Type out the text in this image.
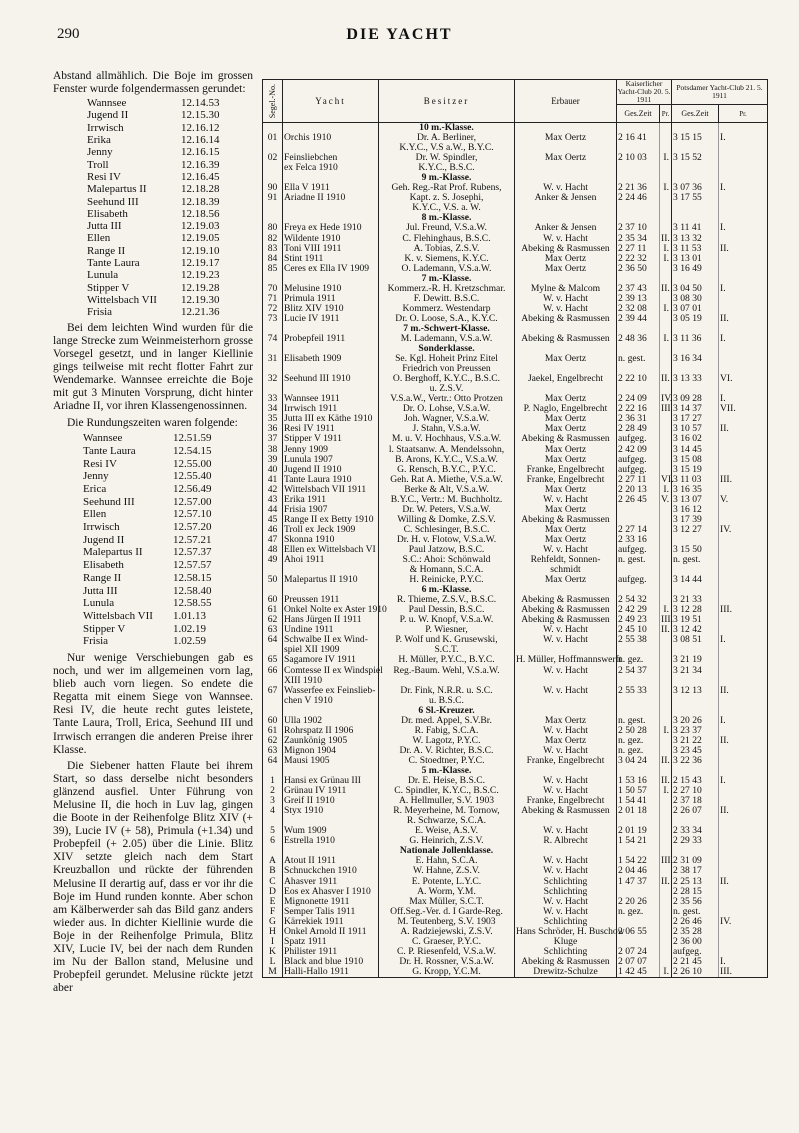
290	DIE YACHT

Abstand allmählich. Die Boje im grossen Fenster wurde folgendermassen gerundet:

Wannsee	12.14.53
Jugend II	12.15.30
Irrwisch	12.16.12
Erika	12.16.14
Jenny	12.16.15
Troll	12.16.39
Resi IV	12.16.45
Malepartus II	12.18.28
Seehund III	12.18.39
Elisabeth	12.18.56
Jutta III	12.19.03
Ellen	12.19.05
Range II	12.19.10
Tante Laura	12.19.17
Lunula	12.19.23
Stipper V	12.19.28
Wittelsbach VII	12.19.30
Frisia	12.21.36

Bei dem leichten Wind wurden für die lange Strecke zum Weinmeisterhorn grosse Vorsegel gesetzt, und in langer Kiellinie gings teilweise mit recht flotter Fahrt zur Wendemarke. Wannsee erreichte die Boje mit gut 3 Minuten Vorsprung, dicht hinter Ariadne II, vor ihren Klassengenossinnen.

Die Rundungszeiten waren folgende:

Wannsee	12.51.59
Tante Laura	12.54.15
Resi IV	12.55.00
Jenny	12.55.40
Erica	12.56.49
Seehund III	12.57.00
Ellen	12.57.10
Irrwisch	12.57.20
Jugend II	12.57.21
Malepartus II	12.57.37
Elisabeth	12.57.57
Range II	12.58.15
Jutta III	12.58.40
Lunula	12.58.55
Wittelsbach VII	1.01.13
Stipper V	1.02.19
Frisia	1.02.59

Nur wenige Verschiebungen gab es noch, und wer im allgemeinen vorn lag, blieb auch vorn liegen. So endete die Regatta mit einem Siege von Wannsee. Resi IV, die heute recht gutes leistete, Tante Laura, Troll, Erica, Seehund III und Irrwisch errangen die anderen Preise ihrer Klasse.

Die Siebener hatten Flaute bei ihrem Start, so dass derselbe nicht besonders glänzend ausfiel. Unter Führung von Melusine II, die hoch in Luv lag, gingen die Boote in der Reihenfolge Blitz XIV (+ 39), Lucie IV (+ 58), Primula (+1.34) und Probepfeil (+ 2.05) über die Linie. Blitz XIV setzte gleich nach dem Start Kreuzballon und rückte der führenden Melusine II derartig auf, dass er vor ihr die Boje im Hund runden konnte. Aber schon am Kälberwerder sah das Bild ganz anders wieder aus. In dichter Kiellinie wurde die Boje in der Reihenfolge Primula, Blitz XIV, Lucie IV, bei der nach dem Runden im Nu der Ballon stand, Melusine und Probepfeil gerundet. Melusine rückte jetzt aber

Segel.-No.	Yacht	Besitzer	Erbauer	Kaiserlicher Yacht-Club 20. 5. 1911		Potsdamer Yacht-Club 21. 5. 1911	
				Ges.Zeit	Pr.	Ges.Zeit	Pr.
		10 m.-Klasse.					
01	Orchis 1910	Dr. A. Berliner,	Max Oertz	2 16 41		3 15 15	I.
		K.Y.C., V.S a.W., B.Y.C.					
02	Feinsliebchen	Dr. W. Spindler,	Max Oertz	2 10 03	I.	3 15 52	
	ex Felca 1910	K.Y.C., B.S.C.					
		9 m.-Klasse.					
90	Ella V 1911	Geh. Reg.-Rat Prof. Rubens,	W. v. Hacht	2 21 36	I.	3 07 36	I.
91	Ariadne II 1910	Kapt. z. S. Josephi,	Anker & Jensen	2 24 46		3 17 55	
		K.Y.C., V.S. a. W.					
		8 m.-Klasse.					
80	Freya ex Hede 1910	Jul. Freund, V.S.a.W.	Anker & Jensen	2 37 10		3 11 41	I.
82	Wildente 1910	C. Flehinghaus, B.S.C.	W. v. Hacht	2 35 34	II.	3 13 32	
83	Toni VIII 1911	A. Tobias, Z.S.V.	Abeking & Rasmussen	2 27 11	I.	3 11 53	II.
84	Stint 1911	K. v. Siemens, K.Y.C.	Max Oertz	2 22 32	I.	3 13 01	
85	Ceres ex Ella IV 1909	O. Lademann, V.S.a.W.	Max Oertz	2 36 50		3 16 49	
		7 m.-Klasse.					
70	Melusine 1910	Kommerz.-R. H. Kretzschmar.	Mylne & Malcom	2 37 43	II.	3 04 50	I.
71	Primula 1911	F. Dewitt. B.S.C.	W. v. Hacht	2 39 13		3 08 30	
72	Blitz XIV 1910	Kommerz. Westendarp	W. v. Hacht	2 32 08	I.	3 07 01	
73	Lucie IV 1911	Dr. O. Loose, S.A., K.Y.C.	Abeking & Rasmussen	2 39 44		3 05 19	II.
		7 m.-Schwert-Klasse.					
74	Probepfeil 1911	M. Lademann, V.S.a.W.	Abeking & Rasmussen	2 48 36	I.	3 11 36	I.
		Sonderklasse.					
31	Elisabeth 1909	Se. Kgl. Hoheit Prinz Eitel	Max Oertz	n. gest.		3 16 34	
		Friedrich von Preussen					
32	Seehund III 1910	O. Berghoff, K.Y.C., B.S.C.	Jaekel, Engelbrecht	2 22 10	II.	3 13 33	VI.
		u. Z.S.V.					
33	Wannsee 1911	V.S.a.W., Vertr.: Otto Protzen	Max Oertz	2 24 09	IV.	3 09 28	I.
34	Irrwisch 1911	Dr. O. Lohse, V.S.a.W.	P. Naglo, Engelbrecht	2 22 16	III	3 14 37	VII.
35	Jutta III ex Käthe 1910	Joh. Wagner, V.S.a.W.	Max Oertz	2 36 31		3 17 27	
36	Resi IV 1911	J. Stahn, V.S.a.W.	Max Oertz	2 28 49		3 10 57	II.
37	Stipper V 1911	M. u. V. Hochhaus, V.S.a.W.	Abeking & Rasmussen	aufgeg.		3 16 02	
38	Jenny 1909	l. Staatsanw. A. Mendelssohn,	Max Oertz	2 42 09		3 14 45	
39	Lunula 1907	B. Arons, K.Y.C., V.S.a.W.	Max Oertz	aufgeg.		3 15 08	
40	Jugend II 1910	G. Rensch, B.Y.C., P.Y.C.	Franke, Engelbrecht	aufgeg.		3 15 19	
41	Tante Laura 1910	Geh. Rat A. Miethe, V.S.a.W.	Franke, Engelbrecht	2 27 11	VI.	3 11 03	III.
42	Wittelsbach VII 1911	Berke & Alt, V.S.a.W.	Max Oertz	2 20 13	I.	3 16 35	
43	Erika 1911	B.Y.C., Vertr.: M. Buchholtz.	W. v. Hacht	2 26 45	V.	3 13 07	V.
44	Frisia 1907	Dr. W. Peters, V.S.a.W.	Max Oertz			3 16 12	
45	Range II ex Betty 1910	Willing & Domke, Z.S.V.	Abeking & Rasmussen			3 17 39	
46	Troll ex Jeck 1909	C. Schlesinger, B.S.C.	Max Oertz	2 27 14		3 12 27	IV.
47	Skonna 1910	Dr. H. v. Flotow, V.S.a.W.	Max Oertz	2 33 16			
48	Ellen ex Wittelsbach VI	Paul Jatzow, B.S.C.	W. v. Hacht	aufgeg.		3 15 50	
49	Ahoi 1911	S.C.: Ahoi: Schönwald	Rehfeldt, Sonnen-	n. gest.		n. gest.	
		& Homann, S.C.A.	schmidt				
50	Malepartus II 1910	H. Reinicke, P.Y.C.	Max Oertz	aufgeg.		3 14 44	
		6 m.-Klasse.					
60	Preussen 1911	R. Thieme, Z.S.V., B.S.C.	Abeking & Rasmussen	2 54 32		3 21 33	
61	Onkel Nolte ex Aster 1910	Paul Dessin, B.S.C.	Abeking & Rasmussen	2 42 29	I.	3 12 28	III.
62	Hans Jürgen II 1911	P. u. W. Knopf, V.S.a.W.	Abeking & Rasmussen	2 49 23	III.	3 19 51	
63	Undine 1911	P. Wiesner,	W. v. Hacht	2 45 10	II.	3 12 42	
64	Schwalbe II ex Wind-	P. Wolf und K. Grusewski,	W. v. Hacht	2 55 38		3 08 51	I.
	spiel XII 1909	S.C.T.					
65	Sagamore IV 1911	H. Müller, P.Y.C., B.Y.C.	H. Müller, Hoffmannswerft	n. gez.		3 21 19	
66	Comtesse II ex Windspiel	Reg.-Baum. Wehl, V.S.a.W.	W. v. Hacht	2 54 37		3 21 34	
	XIII 1910						
67	Wasserfee ex Feinslieb-	Dr. Fink, N.R.R. u. S.C.	W. v. Hacht	2 55 33		3 12 13	II.
	chen V 1910	u. B.S.C.					
		6 Sl.-Kreuzer.					
60	Ulla 1902	Dr. med. Appel, S.V.Br.	Max Oertz	n. gest.		3 20 26	I.
61	Rohrspatz II 1906	R. Fabig, S.C.A.	W. v. Hacht	2 50 28	I.	3 23 37	
62	Zaunkönig 1905	W. Lagotz, P.Y.C.	Max Oertz	n. gez.		3 21 22	II.
63	Mignon 1904	Dr. A. V. Richter, B.S.C.	W. v. Hacht	n. gez.		3 23 45	
64	Mausi 1905	C. Stoedtner, P.Y.C.	Franke, Engelbrecht	3 04 24	II.	3 22 36	
		5 m.-Klasse.					
1	Hansi ex Grünau III	Dr. E. Heise, B.S.C.	W. v. Hacht	1 53 16	II.	2 15 43	I.
2	Grünau IV 1911	C. Spindler, K.Y.C., B.S.C.	W. v. Hacht	1 50 57	I.	2 27 10	
3	Greif II 1910	A. Hellmuller, S.V. 1903	Franke, Engelbrecht	1 54 41		2 37 18	
4	Styx 1910	R. Meyerheine, M. Tornow,	Abeking & Rasmussen	2 01 18		2 26 07	II.
		R. Schwarze, S.C.A.					
5	Wum 1909	E. Weise, A.S.V.	W. v. Hacht	2 01 19		2 33 34	
6	Estrella 1910	G. Heinrich, Z.S.V.	R. Albrecht	1 54 21		2 29 33	
		Nationale Jollenklasse.					
A	Atout II 1911	E. Hahn, S.C.A.	W. v. Hacht	1 54 22	III.	2 31 09	
B	Schnuckchen 1910	W. Hahne, Z.S.V.	W. v. Hacht	2 04 46		2 38 17	
C	Ahasver 1911	E. Potente, L.Y.C.	Schlichting	1 47 37	II.	2 25 13	II.
D	Eos ex Ahasver I 1910	A. Worm, Y.M.	Schlichting			2 28 15	
E	Mignonette 1911	Max Müller, S.C.T.	W. v. Hacht	2 20 26		2 35 56	
F	Semper Talis 1911	Off.Seg.-Ver. d. I Garde-Reg.	W. v. Hacht	n. gez.		n. gest.	
G	Kärrekiek 1911	M. Teutenberg, S.V. 1903	Schlichting			2 26 46	IV.
H	Onkel Arnold II 1911	A. Radziejewski, Z.S.V.	Hans Schröder, H. Buschow	2 06 55		2 35 28	
I	Spatz 1911	C. Graeser, P.Y.C.	Kluge			2 36 00	
K	Philister 1911	C. P. Riesenfeld, V.S.a.W.	Schlichting	2 07 24		aufgeg.	
L	Black and blue 1910	Dr. H. Rossner, V.S.a.W.	Abeking & Rasmussen	2 07 07		2 21 45	I.
M	Halli-Hallo 1911	G. Kropp, Y.C.M.	Drewitz-Schulze	1 42 45	I.	2 26 10	III.
